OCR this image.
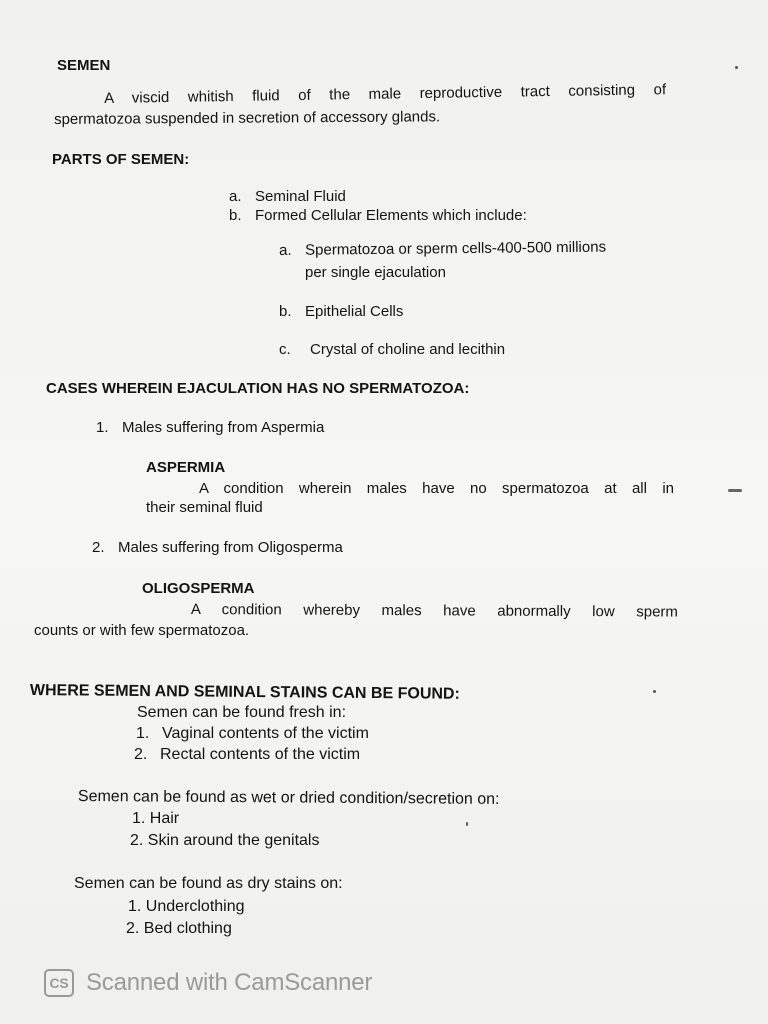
SEMEN
A viscid whitish fluid of the male reproductive tract consisting of
spermatozoa suspended in secretion of accessory glands.
PARTS OF SEMEN:
a. Seminal Fluid
b. Formed Cellular Elements which include:
a. Spermatozoa or sperm cells-400-500 millions
per single ejaculation
b. Epithelial Cells
c. Crystal of choline and lecithin
CASES WHEREIN EJACULATION HAS NO SPERMATOZOA:
1. Males suffering from Aspermia
ASPERMIA
A condition wherein males have no spermatozoa at all in
their seminal fluid
2. Males suffering from Oligosperma
OLIGOSPERMA
A condition whereby males have abnormally low sperm
counts or with few spermatozoa.
WHERE SEMEN AND SEMINAL STAINS CAN BE FOUND:
Semen can be found fresh in:
1. Vaginal contents of the victim
2. Rectal contents of the victim
Semen can be found as wet or dried condition/secretion on:
1. Hair
2. Skin around the genitals
Semen can be found as dry stains on:
1. Underclothing
2. Bed clothing
CS Scanned with CamScanner
